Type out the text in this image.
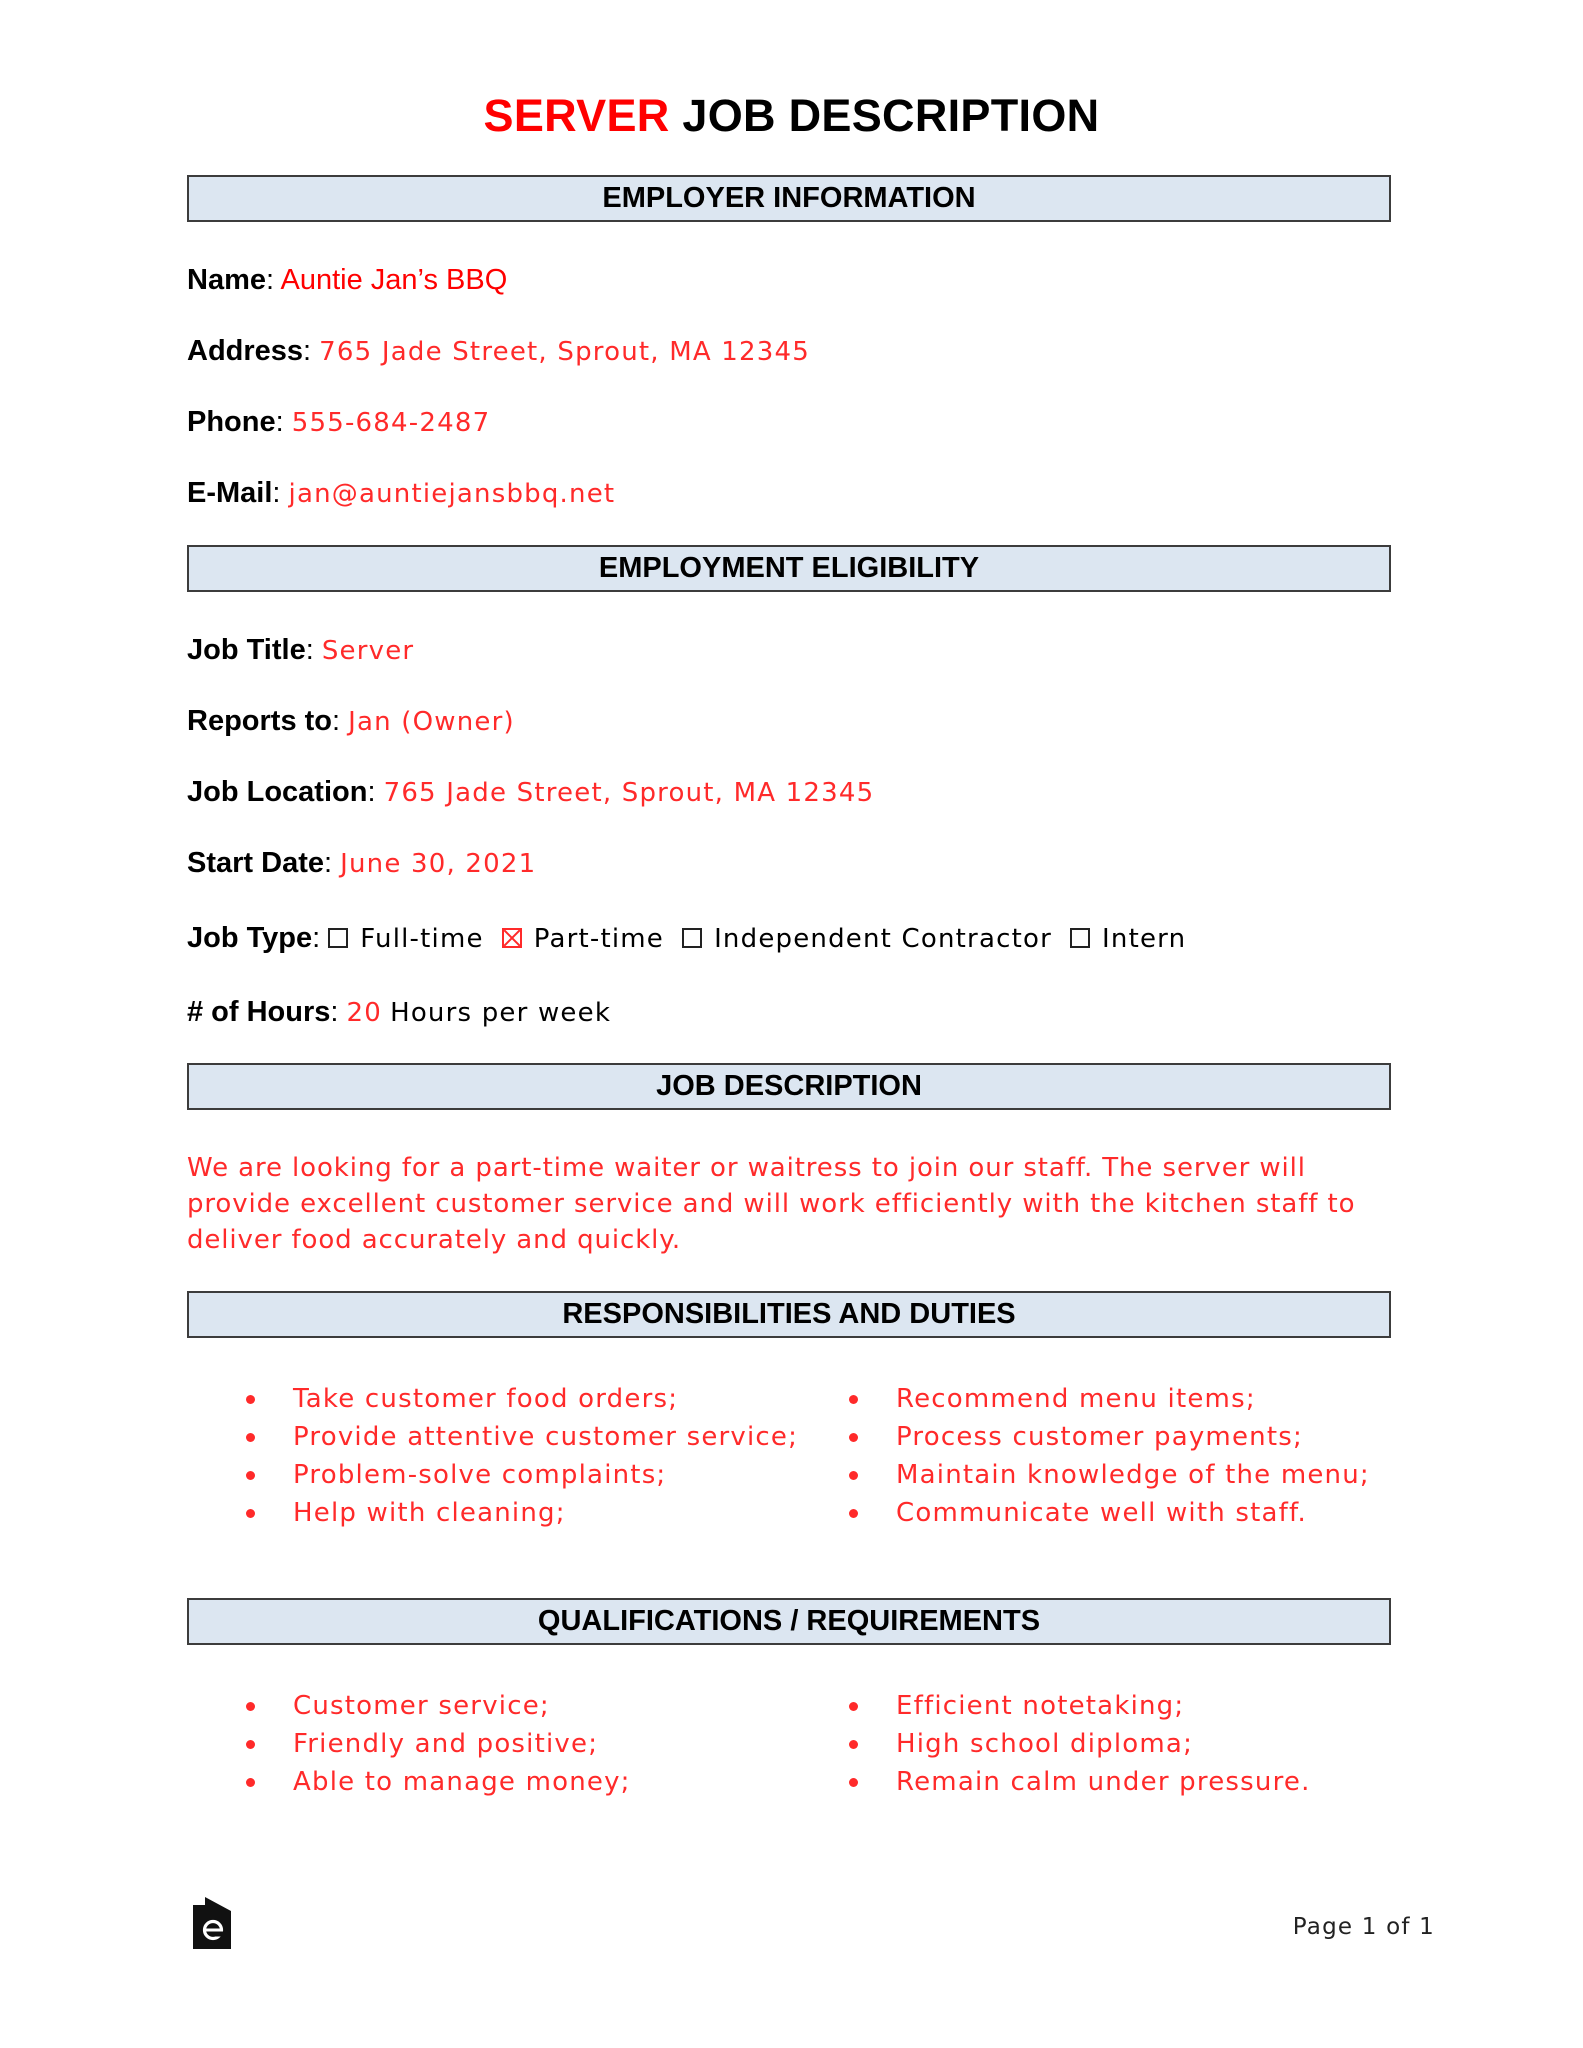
SERVER JOB DESCRIPTION
EMPLOYER INFORMATION
Name: Auntie Jan’s BBQ
Address: 765 Jade Street, Sprout, MA 12345
Phone: 555-684-2487
E-Mail: jan@auntiejansbbq.net
EMPLOYMENT ELIGIBILITY
Job Title: Server
Reports to: Jan (Owner)
Job Location: 765 Jade Street, Sprout, MA 12345
Start Date: June 30, 2021
Job Type: Full-time Part-time Independent Contractor Intern
# of Hours: 20 Hours per week
JOB DESCRIPTION
We are looking for a part-time waiter or waitress to join our staff. The server will provide excellent customer service and will work efficiently with the kitchen staff to deliver food accurately and quickly.
RESPONSIBILITIES AND DUTIES
Take customer food orders;
Provide attentive customer service;
Problem-solve complaints;
Help with cleaning;
Recommend menu items;
Process customer payments;
Maintain knowledge of the menu;
Communicate well with staff.
QUALIFICATIONS / REQUIREMENTS
Customer service;
Friendly and positive;
Able to manage money;
Efficient notetaking;
High school diploma;
Remain calm under pressure.
Page 1 of 1
